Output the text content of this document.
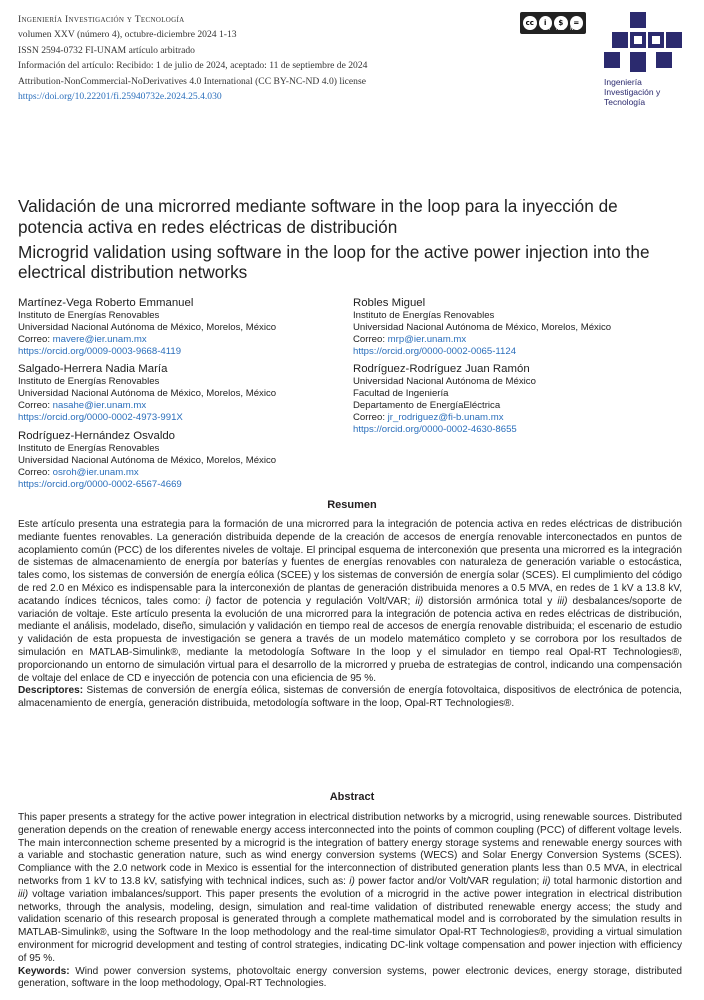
Ingeniería Investigación y Tecnología
volumen XXV (número 4), octubre-diciembre 2024 1-13
ISSN 2594-0732 FI-UNAM artículo arbitrado
Información del artículo: Recibido: 1 de julio de 2024, aceptado: 11 de septiembre de 2024
Attribution-NonCommercial-NoDerivatives 4.0 International (CC BY-NC-ND 4.0) license
https://doi.org/10.22201/fi.25940732e.2024.25.4.030
cc	i	$	=
BY NC ND
Ingeniería
Investigación y
Tecnología
Validación de una microrred mediante software in the loop para la inyección de potencia activa en redes eléctricas de distribución
Microgrid validation using software in the loop for the active power injection into the electrical distribution networks
Martínez-Vega Roberto Emmanuel
Instituto de Energías Renovables
Universidad Nacional Autónoma de México, Morelos, México
Correo: mavere@ier.unam.mx
https://orcid.org/0009-0003-9668-4119
Salgado-Herrera Nadia María
Instituto de Energías Renovables
Universidad Nacional Autónoma de México, Morelos, México
Correo: nasahe@ier.unam.mx
https://orcid.org/0000-0002-4973-991X
Rodríguez-Hernández Osvaldo
Instituto de Energías Renovables
Universidad Nacional Autónoma de México, Morelos, México
Correo: osroh@ier.unam.mx
https://orcid.org/0000-0002-6567-4669
Robles Miguel
Instituto de Energías Renovables
Universidad Nacional Autónoma de México, Morelos, México
Correo: mrp@ier.unam.mx
https://orcid.org/0000-0002-0065-1124
Rodríguez-Rodríguez Juan Ramón
Universidad Nacional Autónoma de México
Facultad de Ingeniería
Departamento de EnergíaEléctrica
Correo: jr_rodriguez@fi-b.unam.mx
https://orcid.org/0000-0002-4630-8655
Resumen
Este artículo presenta una estrategia para la formación de una microrred para la integración de potencia activa en redes eléctricas de distribución mediante fuentes renovables. La generación distribuida depende de la creación de accesos de energía renovable interconectados en puntos de acoplamiento común (PCC) de los diferentes niveles de voltaje. El principal esquema de interconexión que presenta una microrred es la integración de sistemas de almacenamiento de energía por baterías y fuentes de energías renovables con naturaleza de generación variable o estocástica, tales como, los sistemas de conversión de energía eólica (SCEE) y los sistemas de conversión de energía solar (SCES). El cumplimiento del código de red 2.0 en México es indispensable para la interconexión de plantas de generación distribuida menores a 0.5 MVA, en redes de 1 kV a 13.8 kV, acatando índices técnicos, tales como: i) factor de potencia y regulación Volt/VAR; ii) distorsión armónica total y iii) desbalances/soporte de variación de voltaje. Este artículo presenta la evolución de una microrred para la integración de potencia activa en redes eléctricas de distribución, mediante el análisis, modelado, diseño, simulación y validación en tiempo real de accesos de energía renovable distribuida; el escenario de estudio y validación de esta propuesta de investigación se genera a través de un modelo matemático completo y se corrobora por los resultados de simulación en MATLAB-Simulink®, mediante la metodología Software In the loop y el simulador en tiempo real Opal-RT Technologies®, proporcionando un entorno de simulación virtual para el desarrollo de la microrred y prueba de estrategias de control, indicando una compensación de voltaje del enlace de CD e inyección de potencia con una eficiencia de 95 %.
Descriptores: Sistemas de conversión de energía eólica, sistemas de conversión de energía fotovoltaica, dispositivos de electrónica de potencia, almacenamiento de energía, generación distribuida, metodología software in the loop, Opal-RT Technologies®.
Abstract
This paper presents a strategy for the active power integration in electrical distribution networks by a microgrid, using renewable sources. Distributed generation depends on the creation of renewable energy access interconnected into the points of common coupling (PCC) of different voltage levels. The main interconnection scheme presented by a microgrid is the integration of battery energy storage systems and renewable energy sources with a variable and stochastic generation nature, such as wind energy conversion systems (WECS) and Solar Energy Conversion Systems (SCES). Compliance with the 2.0 network code in Mexico is essential for the interconnection of distributed generation plants less than 0.5 MVA, in electrical networks from 1 kV to 13.8 kV, satisfying with technical indices, such as: i) power factor and/or Volt/VAR regulation; ii) total harmonic distortion and iii) voltage variation imbalances/support. This paper presents the evolution of a microgrid in the active power integration in electrical distribution networks, through the analysis, modeling, design, simulation and real-time validation of distributed renewable energy access; the study and validation scenario of this research proposal is generated through a complete mathematical model and is corroborated by the simulation results in MATLAB-Simulink®, using the Software In the loop methodology and the real-time simulator Opal-RT Technologies®, providing a virtual simulation environment for microgrid development and testing of control strategies, indicating DC-link voltage compensation and power injection with efficiency of 95 %.
Keywords: Wind power conversion systems, photovoltaic energy conversion systems, power electronic devices, energy storage, distributed generation, software in the loop methodology, Opal-RT Technologies.
